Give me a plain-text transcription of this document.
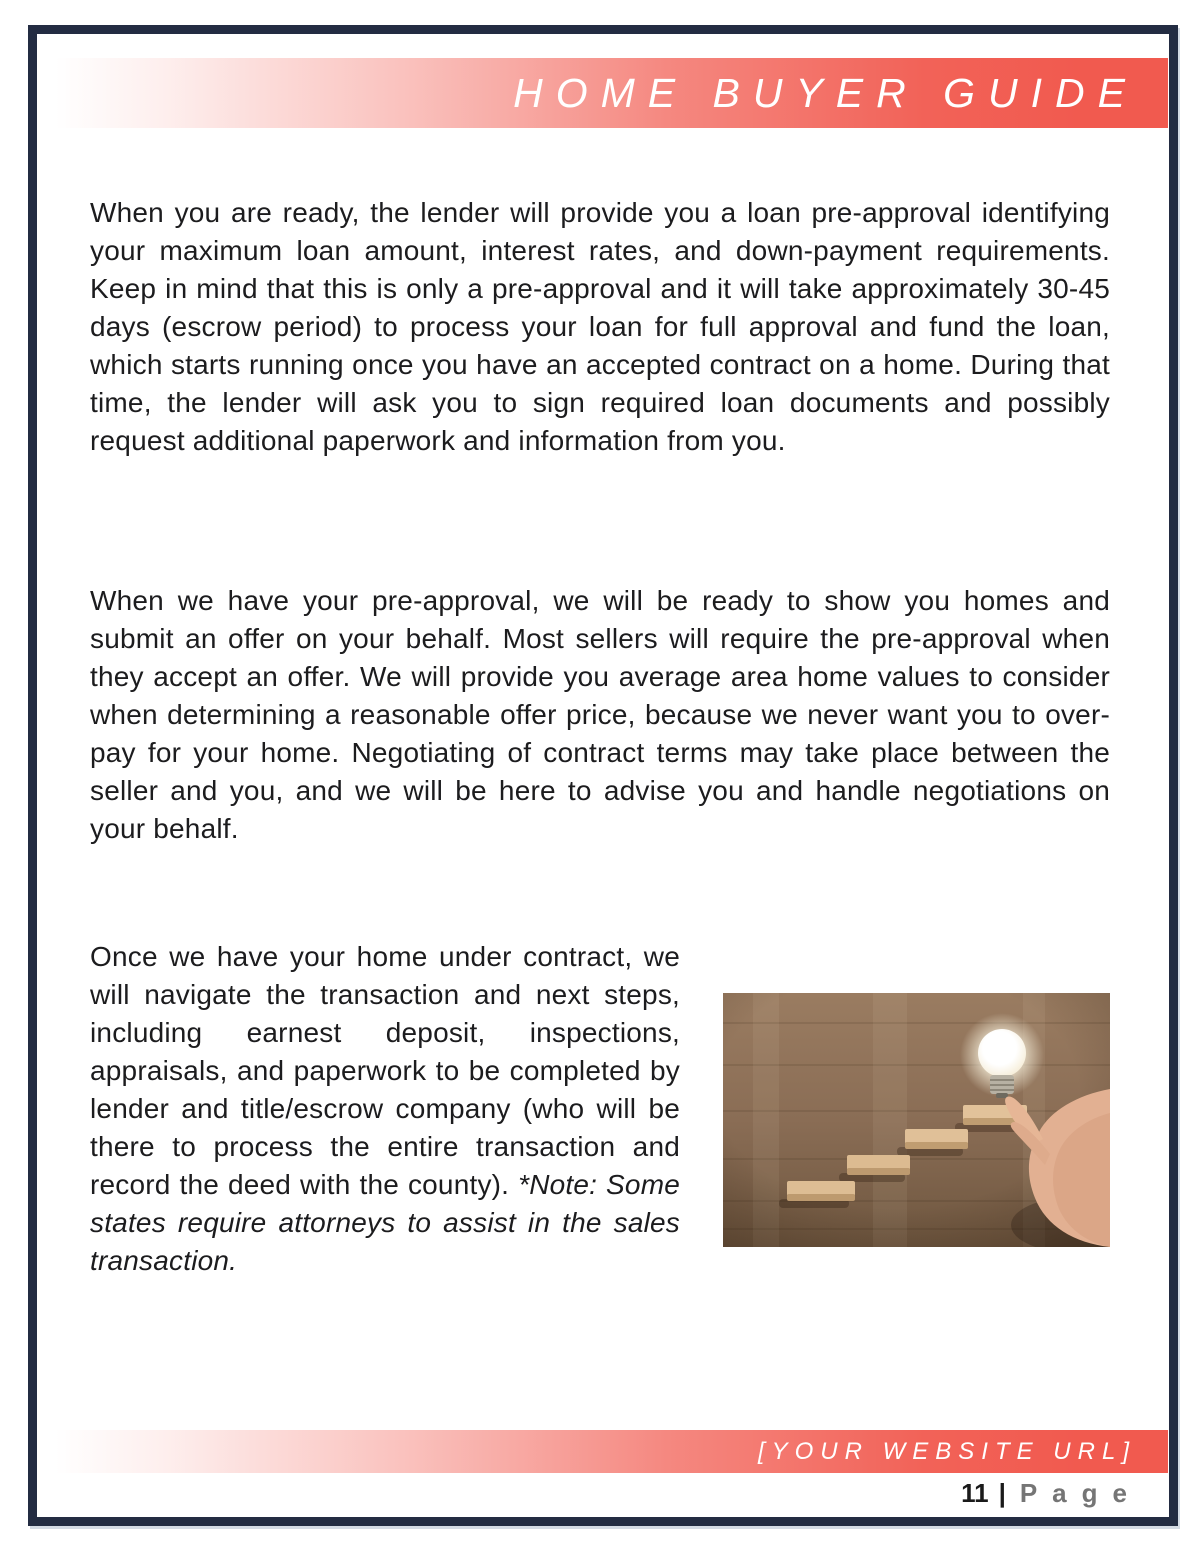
HOME BUYER GUIDE

When you are ready, the lender will provide you a loan pre-approval identifying your maximum loan amount, interest rates, and down-payment requirements. Keep in mind that this is only a pre-approval and it will take approximately 30-45 days (escrow period) to process your loan for full approval and fund the loan, which starts running once you have an accepted contract on a home. During that time, the lender will ask you to sign required loan documents and possibly request additional paperwork and information from you.

When we have your pre-approval, we will be ready to show you homes and submit an offer on your behalf. Most sellers will require the pre-approval when they accept an offer. We will provide you average area home values to consider when determining a reasonable offer price, because we never want you to over-pay for your home. Negotiating of contract terms may take place between the seller and you, and we will be here to advise you and handle negotiations on your behalf.

Once we have your home under contract, we will navigate the transaction and next steps, including earnest deposit, inspections, appraisals, and paperwork to be completed by lender and title/escrow company (who will be there to process the entire transaction and record the deed with the county). *Note: Some states require attorneys to assist in the sales transaction.

[YOUR WEBSITE URL]
11 | Page
